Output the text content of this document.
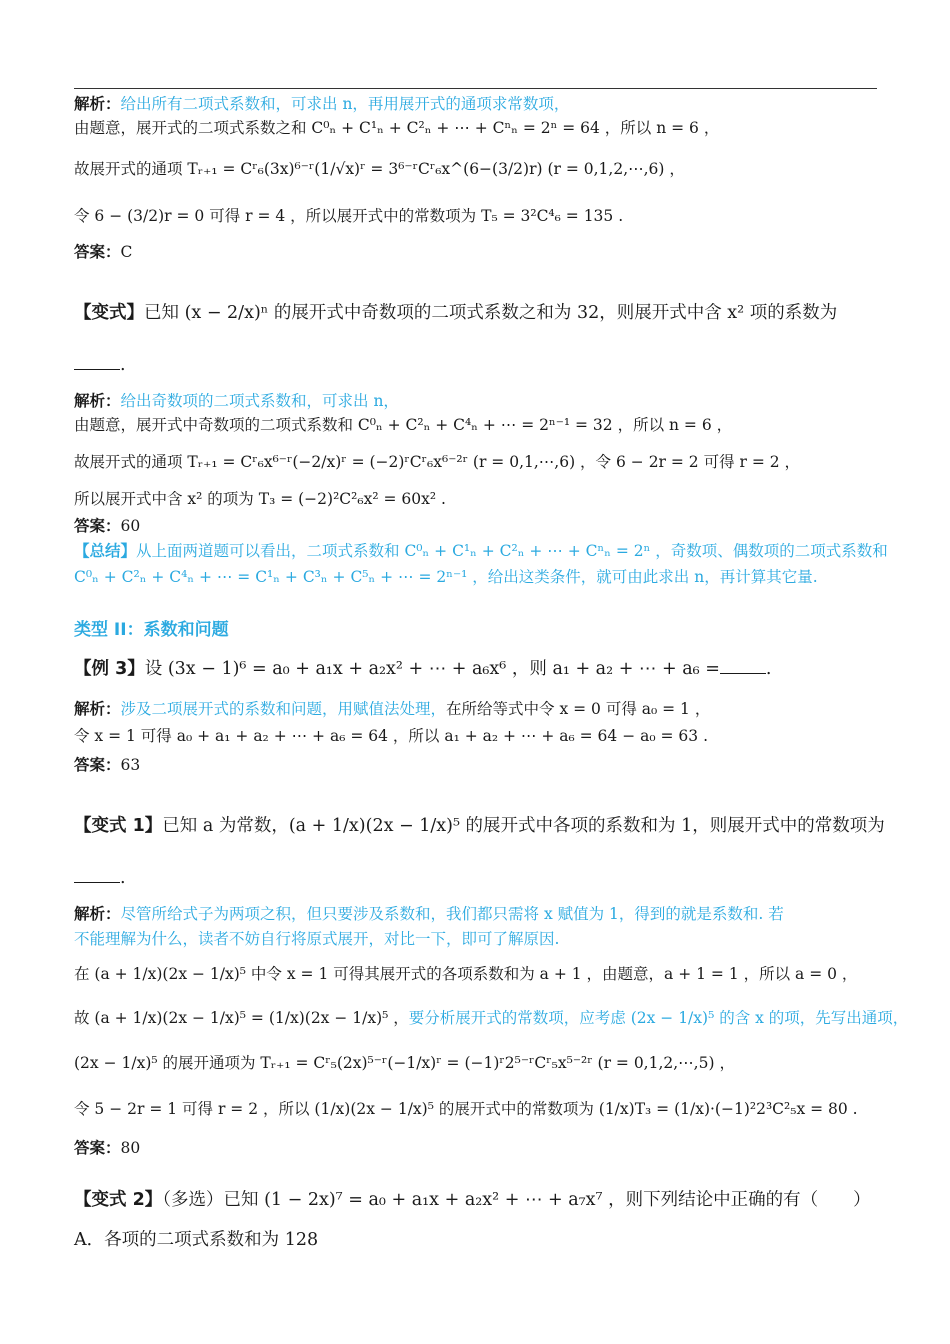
解析：给出所有二项式系数和，可求出 n，再用展开式的通项求常数项，
由题意，展开式的二项式系数之和 C⁰ₙ + C¹ₙ + C²ₙ + ⋯ + Cⁿₙ = 2ⁿ = 64 ，所以 n = 6 ，
故展开式的通项 Tᵣ₊₁ = Cʳ₆(3x)⁶⁻ʳ(1/√x)ʳ = 3⁶⁻ʳCʳ₆x^(6−(3/2)r) (r = 0,1,2,⋯,6) ，
令 6 − (3/2)r = 0 可得 r = 4 ，所以展开式中的常数项为 T₅ = 3²C⁴₆ = 135 .
答案：C
【变式】已知 (x − 2/x)ⁿ 的展开式中奇数项的二项式系数之和为 32，则展开式中含 x² 项的系数为
.
解析：给出奇数项的二项式系数和，可求出 n，
由题意，展开式中奇数项的二项式系数和 C⁰ₙ + C²ₙ + C⁴ₙ + ⋯ = 2ⁿ⁻¹ = 32 ，所以 n = 6 ，
故展开式的通项 Tᵣ₊₁ = Cʳ₆x⁶⁻ʳ(−2/x)ʳ = (−2)ʳCʳ₆x⁶⁻²ʳ (r = 0,1,⋯,6) ，令 6 − 2r = 2 可得 r = 2 ，
所以展开式中含 x² 的项为 T₃ = (−2)²C²₆x² = 60x² .
答案：60
【总结】从上面两道题可以看出，二项式系数和 C⁰ₙ + C¹ₙ + C²ₙ + ⋯ + Cⁿₙ = 2ⁿ ，奇数项、偶数项的二项式系数和
C⁰ₙ + C²ₙ + C⁴ₙ + ⋯ = C¹ₙ + C³ₙ + C⁵ₙ + ⋯ = 2ⁿ⁻¹ ，给出这类条件，就可由此求出 n，再计算其它量.
类型 II：系数和问题
【例 3】设 (3x − 1)⁶ = a₀ + a₁x + a₂x² + ⋯ + a₆x⁶ ，则 a₁ + a₂ + ⋯ + a₆ =	.
解析：涉及二项展开式的系数和问题，用赋值法处理，在所给等式中令 x = 0 可得 a₀ = 1 ，
令 x = 1 可得 a₀ + a₁ + a₂ + ⋯ + a₆ = 64 ，所以 a₁ + a₂ + ⋯ + a₆ = 64 − a₀ = 63 .
答案：63
【变式 1】已知 a 为常数，(a + 1/x)(2x − 1/x)⁵ 的展开式中各项的系数和为 1，则展开式中的常数项为
.
解析：尽管所给式子为两项之积，但只要涉及系数和，我们都只需将 x 赋值为 1，得到的就是系数和. 若
不能理解为什么，读者不妨自行将原式展开，对比一下，即可了解原因.
在 (a + 1/x)(2x − 1/x)⁵ 中令 x = 1 可得其展开式的各项系数和为 a + 1 ，由题意，a + 1 = 1 ，所以 a = 0 ，
故 (a + 1/x)(2x − 1/x)⁵ = (1/x)(2x − 1/x)⁵ ，要分析展开式的常数项，应考虑 (2x − 1/x)⁵ 的含 x 的项，先写出通项，
(2x − 1/x)⁵ 的展开通项为 Tᵣ₊₁ = Cʳ₅(2x)⁵⁻ʳ(−1/x)ʳ = (−1)ʳ2⁵⁻ʳCʳ₅x⁵⁻²ʳ (r = 0,1,2,⋯,5) ，
令 5 − 2r = 1 可得 r = 2 ，所以 (1/x)(2x − 1/x)⁵ 的展开式中的常数项为 (1/x)T₃ = (1/x)·(−1)²2³C²₅x = 80 .
答案：80
【变式 2】（多选）已知 (1 − 2x)⁷ = a₀ + a₁x + a₂x² + ⋯ + a₇x⁷ ，则下列结论中正确的有（　　）
A．各项的二项式系数和为 128
